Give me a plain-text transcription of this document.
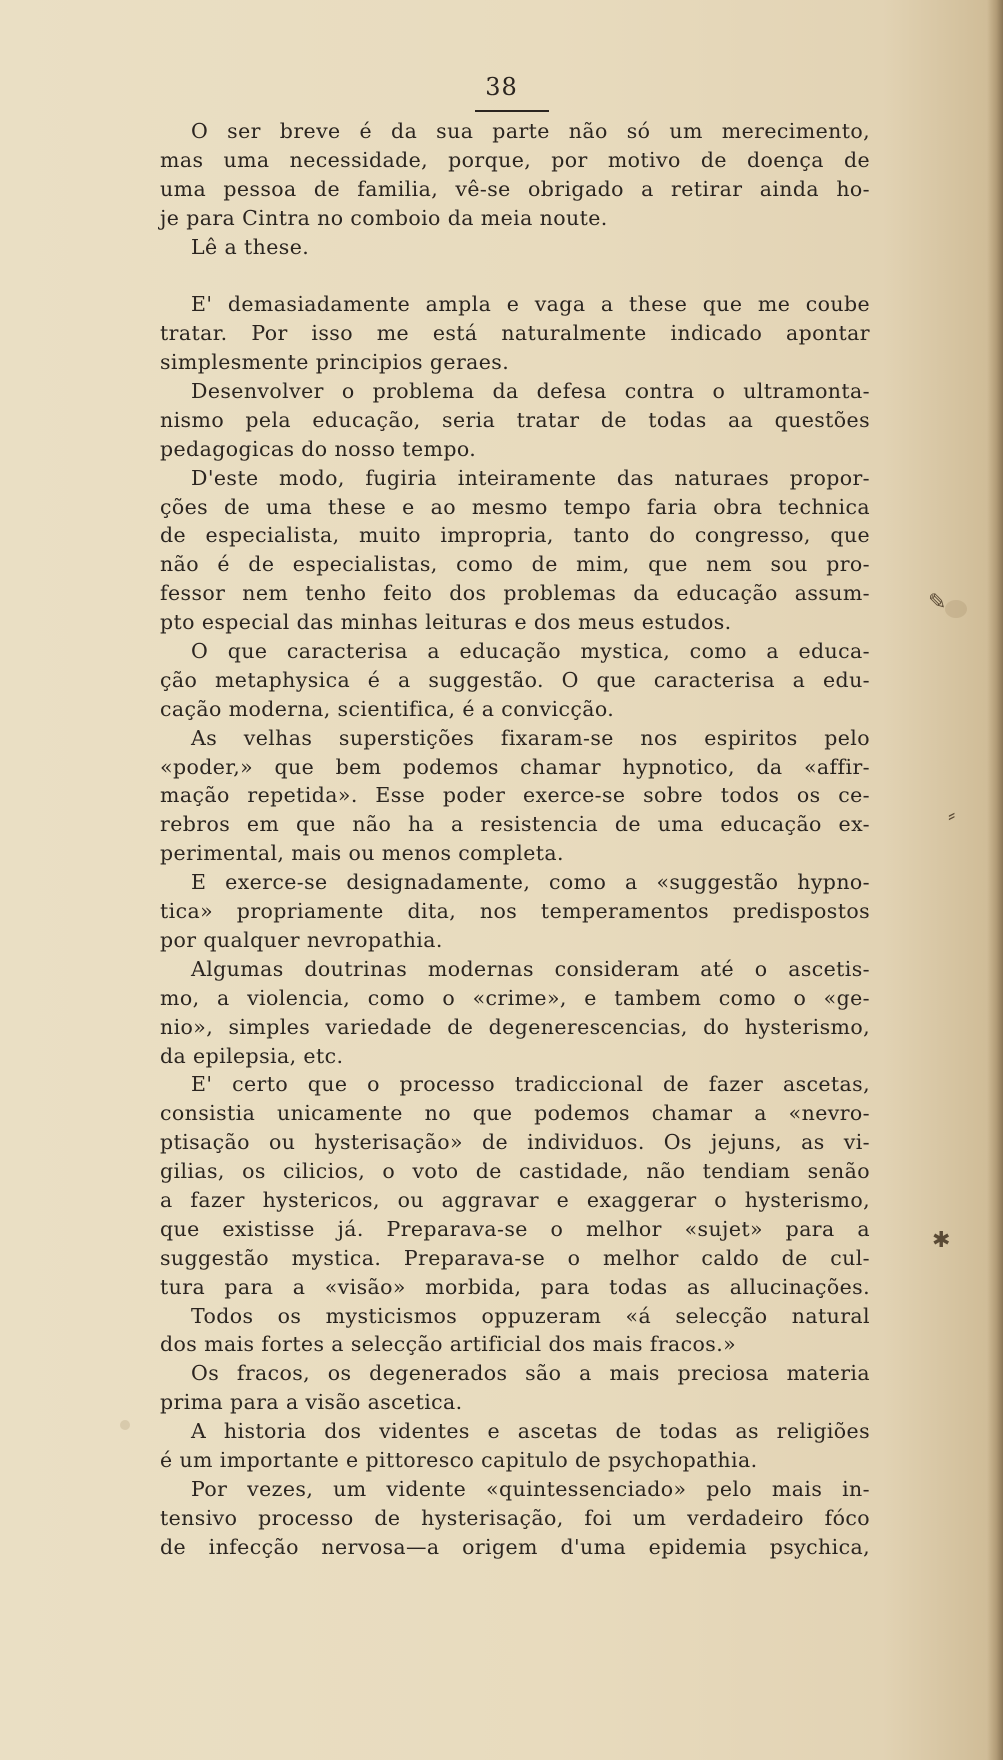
✎
⸗
✱
38
O ser breve é da sua parte não só um merecimento,
mas uma necessidade, porque, por motivo de doença de
uma pessoa de familia, vê-se obrigado a retirar ainda ho-
je para Cintra no comboio da meia noute.
Lê a these.
E' demasiadamente ampla e vaga a these que me coube
tratar. Por isso me está naturalmente indicado apontar
simplesmente principios geraes.
Desenvolver o problema da defesa contra o ultramonta-
nismo pela educação, seria tratar de todas aa questões
pedagogicas do nosso tempo.
D'este modo, fugiria inteiramente das naturaes propor-
ções de uma these e ao mesmo tempo faria obra technica
de especialista, muito impropria, tanto do congresso, que
não é de especialistas, como de mim, que nem sou pro-
fessor nem tenho feito dos problemas da educação assum-
pto especial das minhas leituras e dos meus estudos.
O que caracterisa a educação mystica, como a educa-
ção metaphysica é a suggestão. O que caracterisa a edu-
cação moderna, scientifica, é a convicção.
As velhas superstições fixaram-se nos espiritos pelo
«poder,» que bem podemos chamar hypnotico, da «affir-
mação repetida». Esse poder exerce-se sobre todos os ce-
rebros em que não ha a resistencia de uma educação ex-
perimental, mais ou menos completa.
E exerce-se designadamente, como a «suggestão hypno-
tica» propriamente dita, nos temperamentos predispostos
por qualquer nevropathia.
Algumas doutrinas modernas consideram até o ascetis-
mo, a violencia, como o «crime», e tambem como o «ge-
nio», simples variedade de degenerescencias, do hysterismo,
da epilepsia, etc.
E' certo que o processo tradiccional de fazer ascetas,
consistia unicamente no que podemos chamar a «nevro-
ptisação ou hysterisação» de individuos. Os jejuns, as vi-
gilias, os cilicios, o voto de castidade, não tendiam senão
a fazer hystericos, ou aggravar e exaggerar o hysterismo,
que existisse já. Preparava-se o melhor «sujet» para a
suggestão mystica. Preparava-se o melhor caldo de cul-
tura para a «visão» morbida, para todas as allucinações.
Todos os mysticismos oppuzeram «á selecção natural
dos mais fortes a selecção artificial dos mais fracos.»
Os fracos, os degenerados são a mais preciosa materia
prima para a visão ascetica.
A historia dos videntes e ascetas de todas as religiões
é um importante e pittoresco capitulo de psychopathia.
Por vezes, um vidente «quintessenciado» pelo mais in-
tensivo processo de hysterisação, foi um verdadeiro fóco
de infecção nervosa—a origem d'uma epidemia psychica,
